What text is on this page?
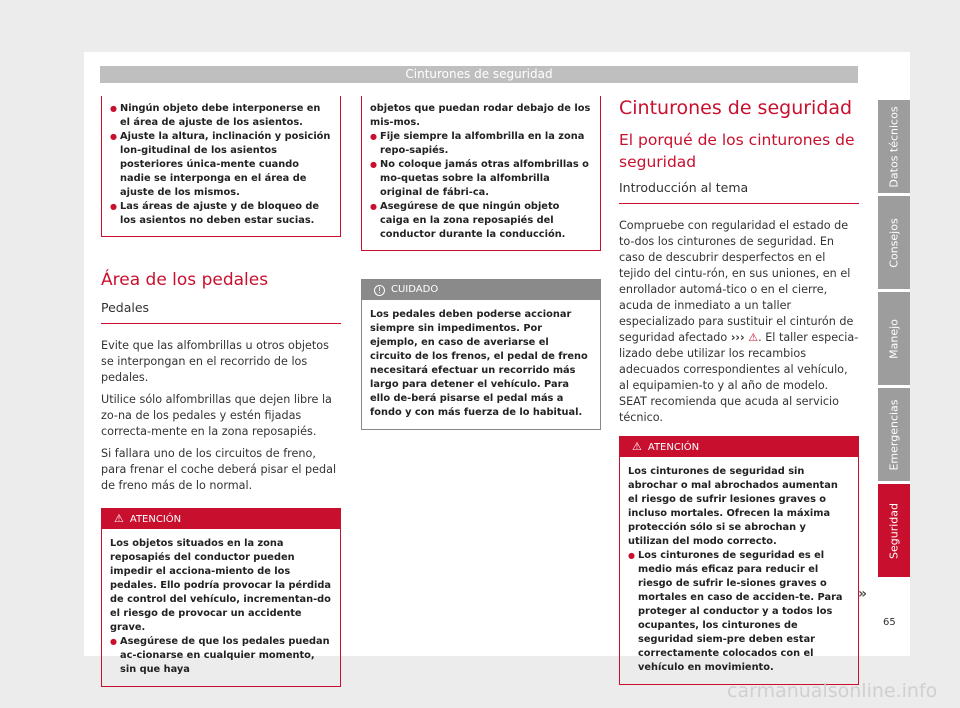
Cinturones de seguridad
● Ningún objeto debe interponerse en el área de ajuste de los asientos.
● Ajuste la altura, inclinación y posición lon-gitudinal de los asientos posteriores única-mente cuando nadie se interponga en el área de ajuste de los mismos.
● Las áreas de ajuste y de bloqueo de los asientos no deben estar sucias.
Área de los pedales
Pedales

Evite que las alfombrillas u otros objetos se interpongan en el recorrido de los pedales.

Utilice sólo alfombrillas que dejen libre la zo-na de los pedales y estén fijadas correcta-mente en la zona reposapiés.

Si fallara uno de los circuitos de freno, para frenar el coche deberá pisar el pedal de freno más de lo normal.

⚠ ATENCIÓN
Los objetos situados en la zona reposapiés del conductor pueden impedir el acciona-miento de los pedales. Ello podría provocar la pérdida de control del vehículo, incrementan-do el riesgo de provocar un accidente grave.
● Asegúrese de que los pedales puedan ac-cionarse en cualquier momento, sin que haya
objetos que puedan rodar debajo de los mis-mos.
● Fije siempre la alfombrilla en la zona repo-sapiés.
● No coloque jamás otras alfombrillas o mo-quetas sobre la alfombrilla original de fábri-ca.
● Asegúrese de que ningún objeto caiga en la zona reposapiés del conductor durante la conducción.
! CUIDADO
Los pedales deben poderse accionar siempre sin impedimentos. Por ejemplo, en caso de averiarse el circuito de los frenos, el pedal de freno necesitará efectuar un recorrido más largo para detener el vehículo. Para ello de-berá pisarse el pedal más a fondo y con más fuerza de lo habitual.
Cinturones de seguridad
El porqué de los cinturones de seguridad
Introducción al tema

Compruebe con regularidad el estado de to-dos los cinturones de seguridad. En caso de descubrir desperfectos en el tejido del cintu-rón, en sus uniones, en el enrollador automá-tico o en el cierre, acuda de inmediato a un taller especializado para sustituir el cinturón de seguridad afectado ››› ⚠. El taller especia-lizado debe utilizar los recambios adecuados correspondientes al vehículo, al equipamien-to y al año de modelo. SEAT recomienda que acuda al servicio técnico.

⚠ ATENCIÓN
Los cinturones de seguridad sin abrochar o mal abrochados aumentan el riesgo de sufrir lesiones graves o incluso mortales. Ofrecen la máxima protección sólo si se abrochan y utilizan del modo correcto.
● Los cinturones de seguridad es el medio más eficaz para reducir el riesgo de sufrir le-siones graves o mortales en caso de acciden-te. Para proteger al conductor y a todos los ocupantes, los cinturones de seguridad siem-pre deben estar correctamente colocados con el vehículo en movimiento.
Datos técnicos
Consejos
Manejo
Emergencias
Seguridad
»
65
carmanualsonline.info
